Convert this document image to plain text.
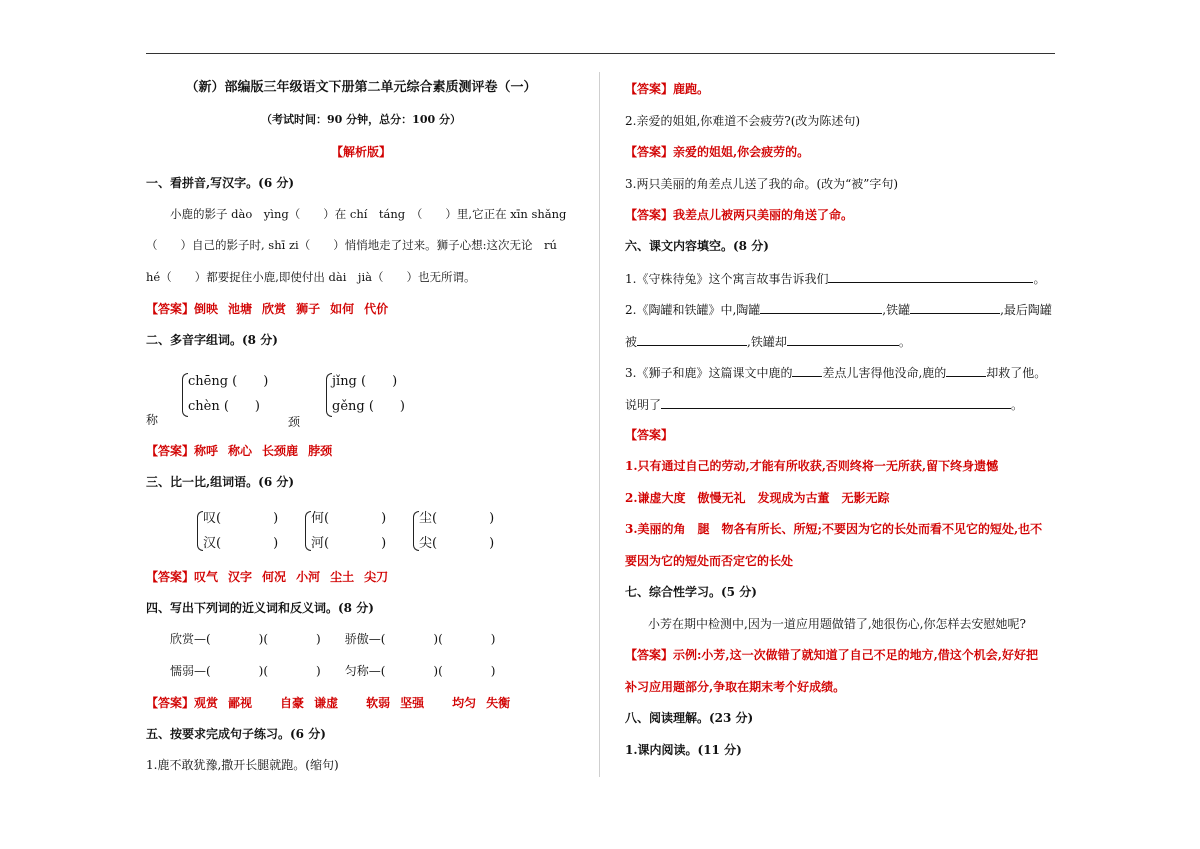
（新）部编版三年级语文下册第二单元综合素质测评卷（一）
（考试时间：90 分钟，总分：100 分）
【解析版】
一、看拼音,写汉字。(6 分)
小鹿的影子 dào　yìng（　　）在 chí　táng　（　　）里,它正在 xīn shǎng
（　　）自己的影子时, shī zi（　　）悄悄地走了过来。狮子心想:这次无论　rú
hé（　　）都要捉住小鹿,即使付出 dài　jià（　　）也无所谓。
【答案】倒映 池塘 欣赏 狮子 如何 代价
二、多音字组词。(8 分)
chēng (　　)
chèn (　　)
称
jǐng (　　)
gěng (　　)
颈
【答案】称呼 称心 长颈鹿 脖颈
三、比一比,组词语。(6 分)
叹(　　　　)
汉(　　　　)
何(　　　　)
河(　　　　)
尘(　　　　)
尖(　　　　)
【答案】叹气 汉字 何况 小河 尘土 尖刀
四、写出下列词的近义词和反义词。(8 分)
欣赏—(　　　　)(　　　　)　　骄傲—(　　　　)(　　　　)
懦弱—(　　　　)(　　　　)　　匀称—(　　　　)(　　　　)
【答案】观赏 鄙视 自豪 谦虚 软弱 坚强 均匀 失衡
五、按要求完成句子练习。(6 分)
1.鹿不敢犹豫,撒开长腿就跑。(缩句)
【答案】鹿跑。
2.亲爱的姐姐,你难道不会疲劳?(改为陈述句)
【答案】亲爱的姐姐,你会疲劳的。
3.两只美丽的角差点儿送了我的命。(改为“被”字句)
【答案】我差点儿被两只美丽的角送了命。
六、课文内容填空。(8 分)
1.《守株待兔》这个寓言故事告诉我们	。
2.《陶罐和铁罐》中,陶罐	,铁罐	,最后陶罐
被	,铁罐却	。
3.《狮子和鹿》这篇课文中鹿的	差点儿害得他没命,鹿的	却救了他。
说明了	。
【答案】
1.只有通过自己的劳动,才能有所收获,否则终将一无所获,留下终身遗憾
2.谦虚大度　傲慢无礼　发现成为古董　无影无踪
3.美丽的角　腿　物各有所长、所短;不要因为它的长处而看不见它的短处,也不
要因为它的短处而否定它的长处
七、综合性学习。(5 分)
小芳在期中检测中,因为一道应用题做错了,她很伤心,你怎样去安慰她呢?
【答案】示例:小芳,这一次做错了就知道了自己不足的地方,借这个机会,好好把
补习应用题部分,争取在期末考个好成绩。
八、阅读理解。(23 分)
1.课内阅读。(11 分)
